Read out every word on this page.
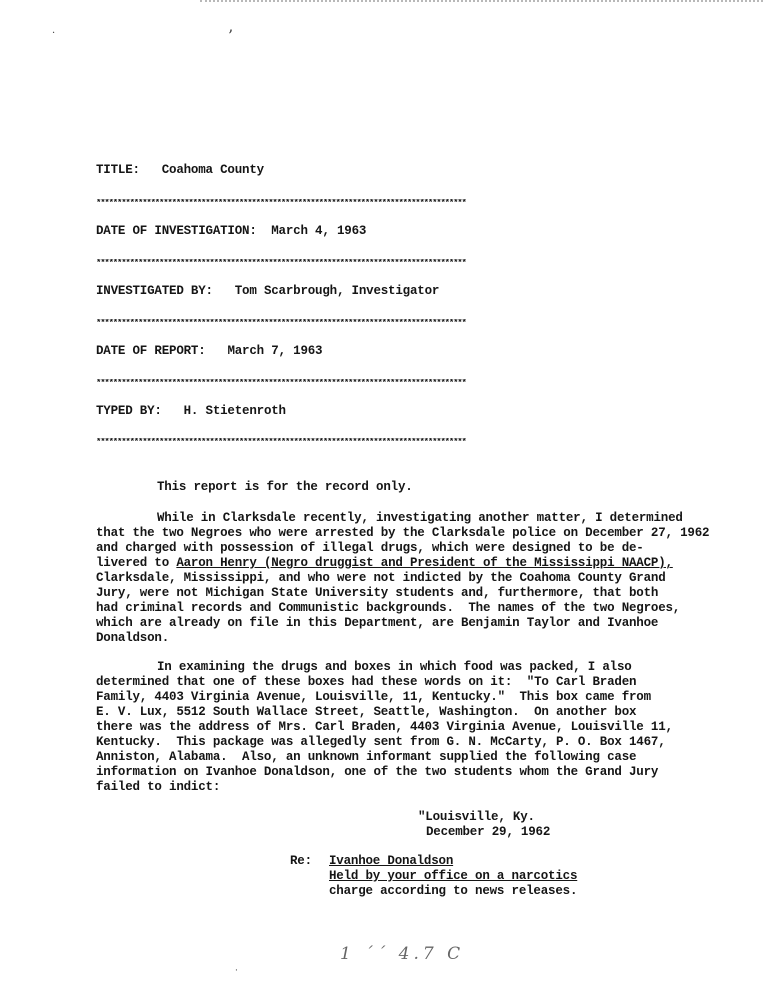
·	’
TITLE: Coahoma County
****************************************************************************************
DATE OF INVESTIGATION: March 4, 1963
****************************************************************************************
INVESTIGATED BY: Tom Scarbrough, Investigator
****************************************************************************************
DATE OF REPORT: March 7, 1963
****************************************************************************************
TYPED BY: H. Stietenroth
****************************************************************************************
This report is for the record only.
While in Clarksdale recently, investigating another matter, I determined
that the two Negroes who were arrested by the Clarksdale police on December 27, 1962
and charged with possession of illegal drugs, which were designed to be de-
livered to Aaron Henry (Negro druggist and President of the Mississippi NAACP),
Clarksdale, Mississippi, and who were not indicted by the Coahoma County Grand
Jury, were not Michigan State University students and, furthermore, that both
had criminal records and Communistic backgrounds.  The names of the two Negroes,
which are already on file in this Department, are Benjamin Taylor and Ivanhoe
Donaldson.
In examining the drugs and boxes in which food was packed, I also
determined that one of these boxes had these words on it:  "To Carl Braden
Family, 4403 Virginia Avenue, Louisville, 11, Kentucky."  This box came from
E. V. Lux, 5512 South Wallace Street, Seattle, Washington.  On another box
there was the address of Mrs. Carl Braden, 4403 Virginia Avenue, Louisville 11,
Kentucky.  This package was allegedly sent from G. N. McCarty, P. O. Box 1467,
Anniston, Alabama.  Also, an unknown informant supplied the following case
information on Ivanhoe Donaldson, one of the two students whom the Grand Jury
failed to indict:
"Louisville, Ky.
December 29, 1962
Re: Ivanhoe Donaldson
Held by your office on a narcotics
charge according to news releases.
1 ´´ 4.7 C
·
